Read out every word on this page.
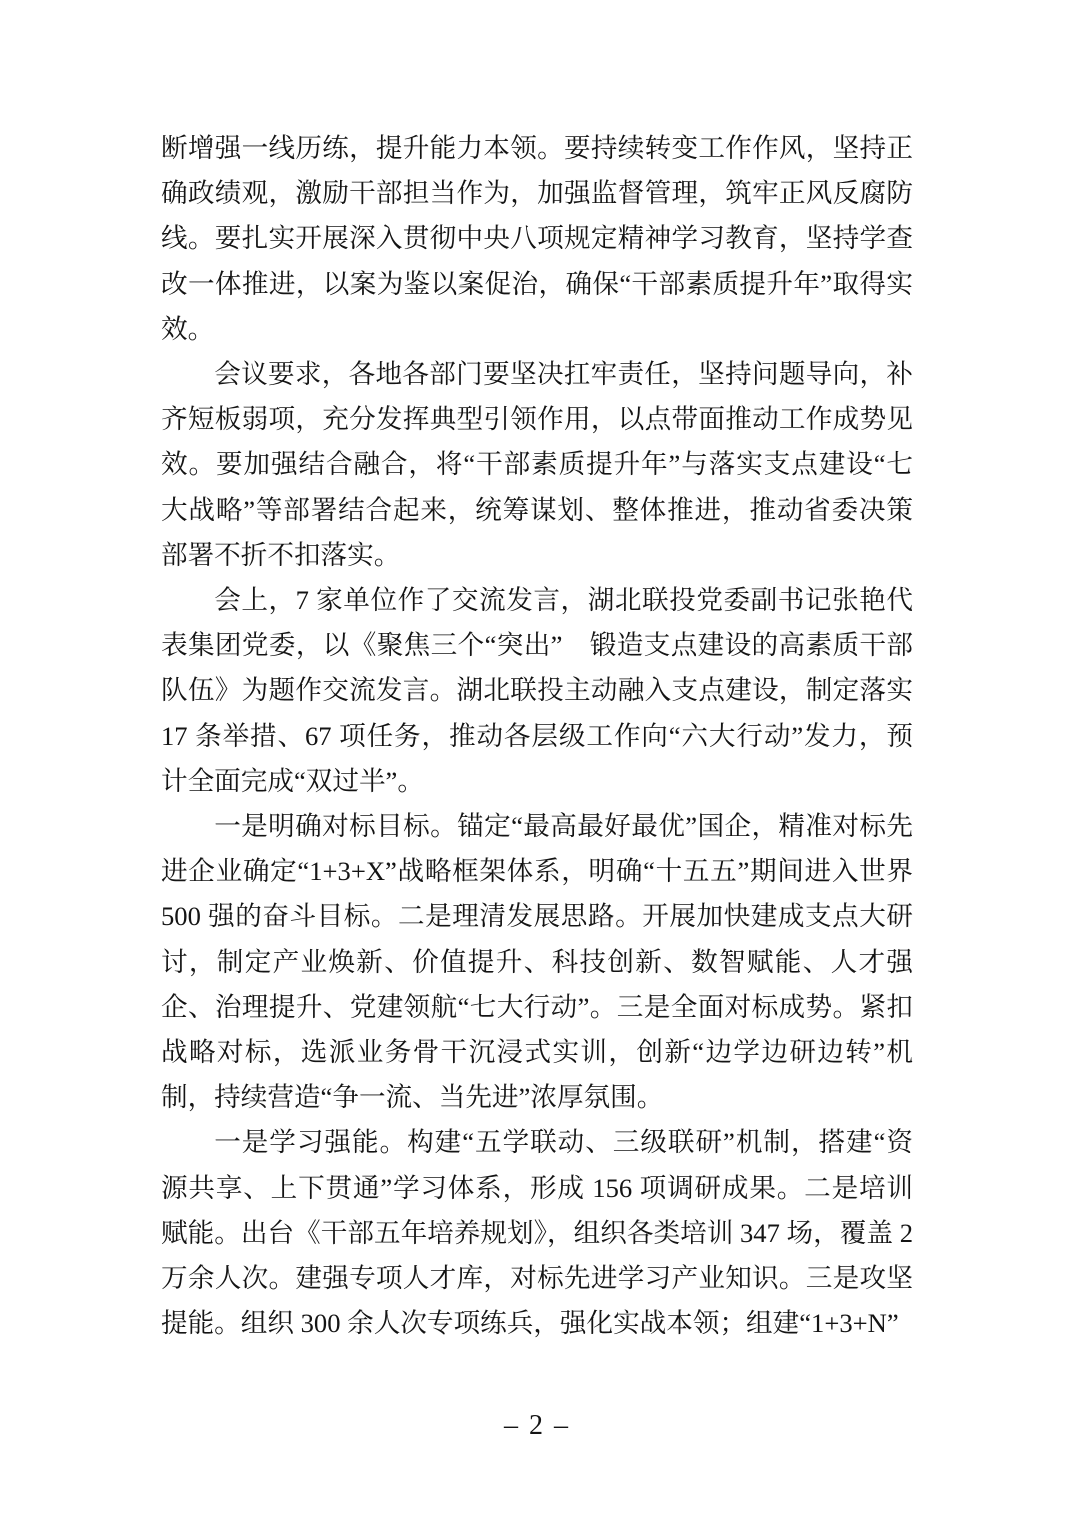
断增强一线历练，提升能力本领。要持续转变工作作风，坚持正确政绩观，激励干部担当作为，加强监督管理，筑牢正风反腐防线。要扎实开展深入贯彻中央八项规定精神学习教育，坚持学查改一体推进，以案为鉴以案促治，确保“干部素质提升年”取得实效。
会议要求，各地各部门要坚决扛牢责任，坚持问题导向，补齐短板弱项，充分发挥典型引领作用，以点带面推动工作成势见效。要加强结合融合，将“干部素质提升年”与落实支点建设“七大战略”等部署结合起来，统筹谋划、整体推进，推动省委决策部署不折不扣落实。
会上，7 家单位作了交流发言，湖北联投党委副书记张艳代表集团党委，以《聚焦三个“突出”　锻造支点建设的高素质干部队伍》为题作交流发言。湖北联投主动融入支点建设，制定落实 17 条举措、67 项任务，推动各层级工作向“六大行动”发力，预计全面完成“双过半”。
一是明确对标目标。锚定“最高最好最优”国企，精准对标先进企业确定“1+3+X”战略框架体系，明确“十五五”期间进入世界 500 强的奋斗目标。二是理清发展思路。开展加快建成支点大研讨，制定产业焕新、价值提升、科技创新、数智赋能、人才强企、治理提升、党建领航“七大行动”。三是全面对标成势。紧扣战略对标，选派业务骨干沉浸式实训，创新“边学边研边转”机制，持续营造“争一流、当先进”浓厚氛围。
一是学习强能。构建“五学联动、三级联研”机制，搭建“资源共享、上下贯通”学习体系，形成 156 项调研成果。二是培训赋能。出台《干部五年培养规划》，组织各类培训 347 场，覆盖 2 万余人次。建强专项人才库，对标先进学习产业知识。三是攻坚提能。组织 300 余人次专项练兵，强化实战本领；组建“1+3+N”
– 2 –
